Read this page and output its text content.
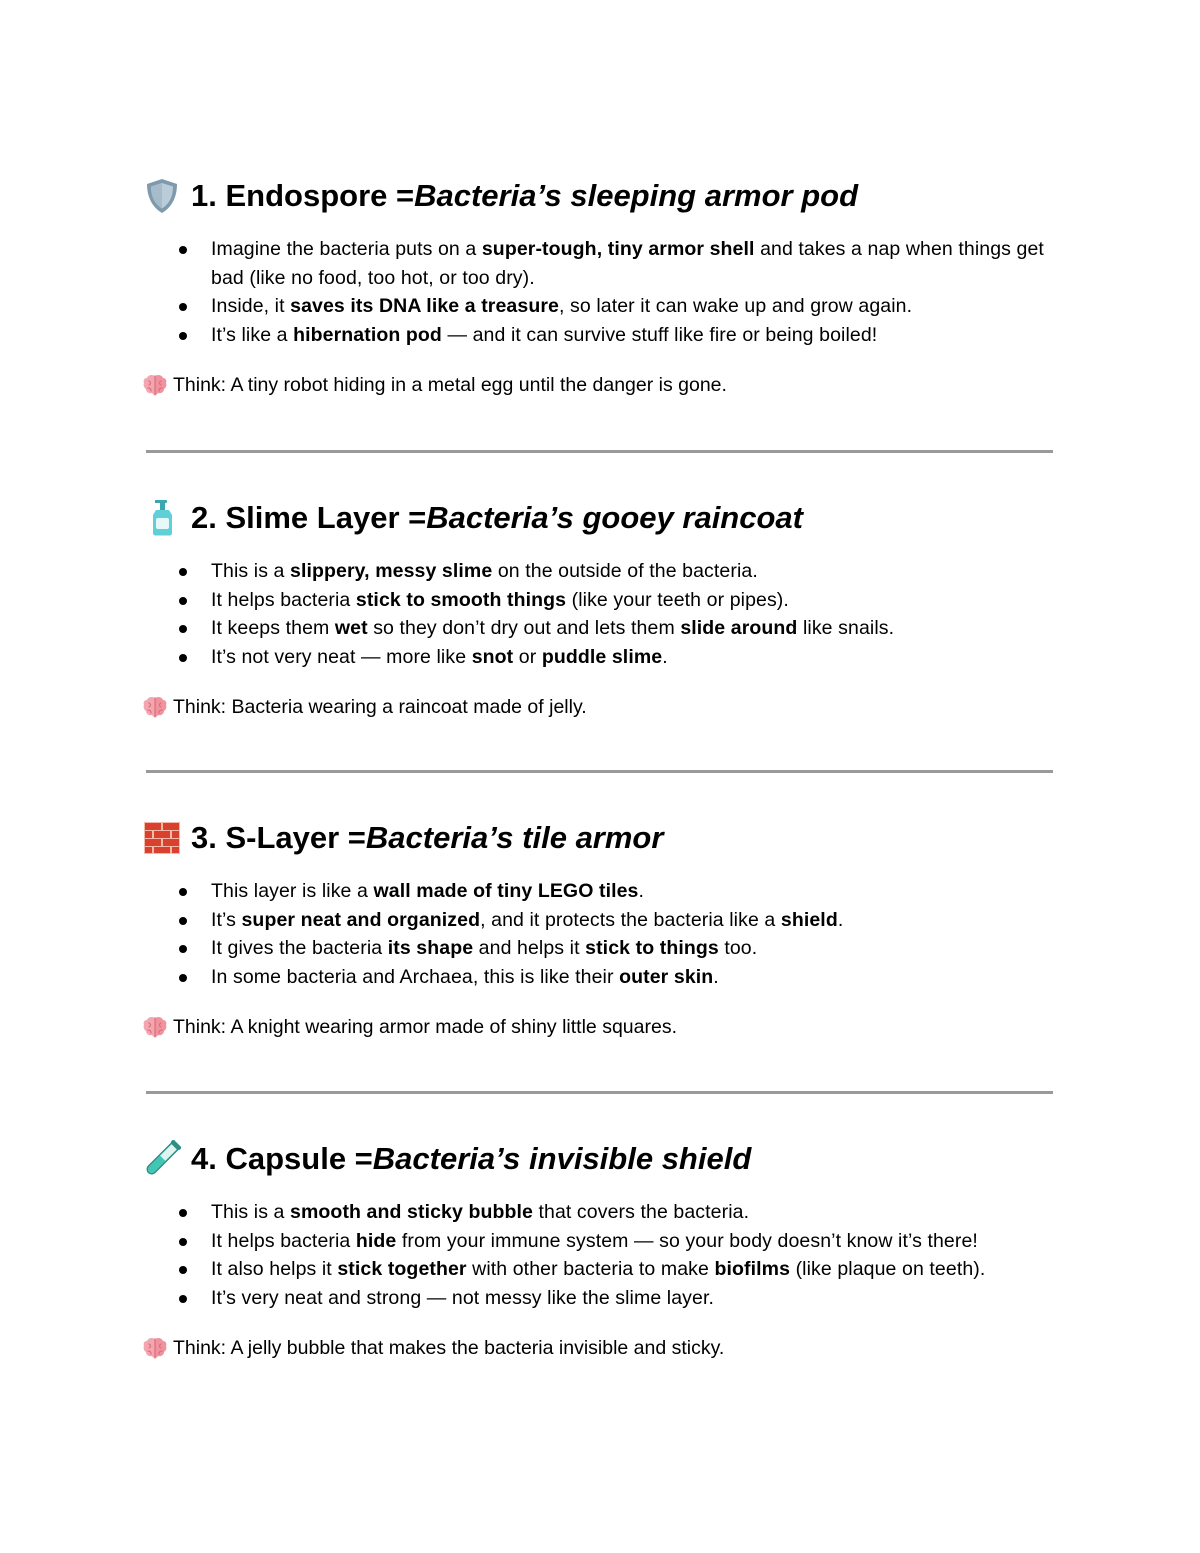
1. Endospore = Bacteria’s sleeping armor pod
Imagine the bacteria puts on a super-tough, tiny armor shell and takes a nap when things get bad (like no food, too hot, or too dry).
Inside, it saves its DNA like a treasure, so later it can wake up and grow again.
It’s like a hibernation pod — and it can survive stuff like fire or being boiled!
Think: A tiny robot hiding in a metal egg until the danger is gone.
2. Slime Layer = Bacteria’s gooey raincoat
This is a slippery, messy slime on the outside of the bacteria.
It helps bacteria stick to smooth things (like your teeth or pipes).
It keeps them wet so they don’t dry out and lets them slide around like snails.
It’s not very neat — more like snot or puddle slime.
Think: Bacteria wearing a raincoat made of jelly.
3. S-Layer = Bacteria’s tile armor
This layer is like a wall made of tiny LEGO tiles.
It’s super neat and organized, and it protects the bacteria like a shield.
It gives the bacteria its shape and helps it stick to things too.
In some bacteria and Archaea, this is like their outer skin.
Think: A knight wearing armor made of shiny little squares.
4. Capsule = Bacteria’s invisible shield
This is a smooth and sticky bubble that covers the bacteria.
It helps bacteria hide from your immune system — so your body doesn’t know it’s there!
It also helps it stick together with other bacteria to make biofilms (like plaque on teeth).
It’s very neat and strong — not messy like the slime layer.
Think: A jelly bubble that makes the bacteria invisible and sticky.
